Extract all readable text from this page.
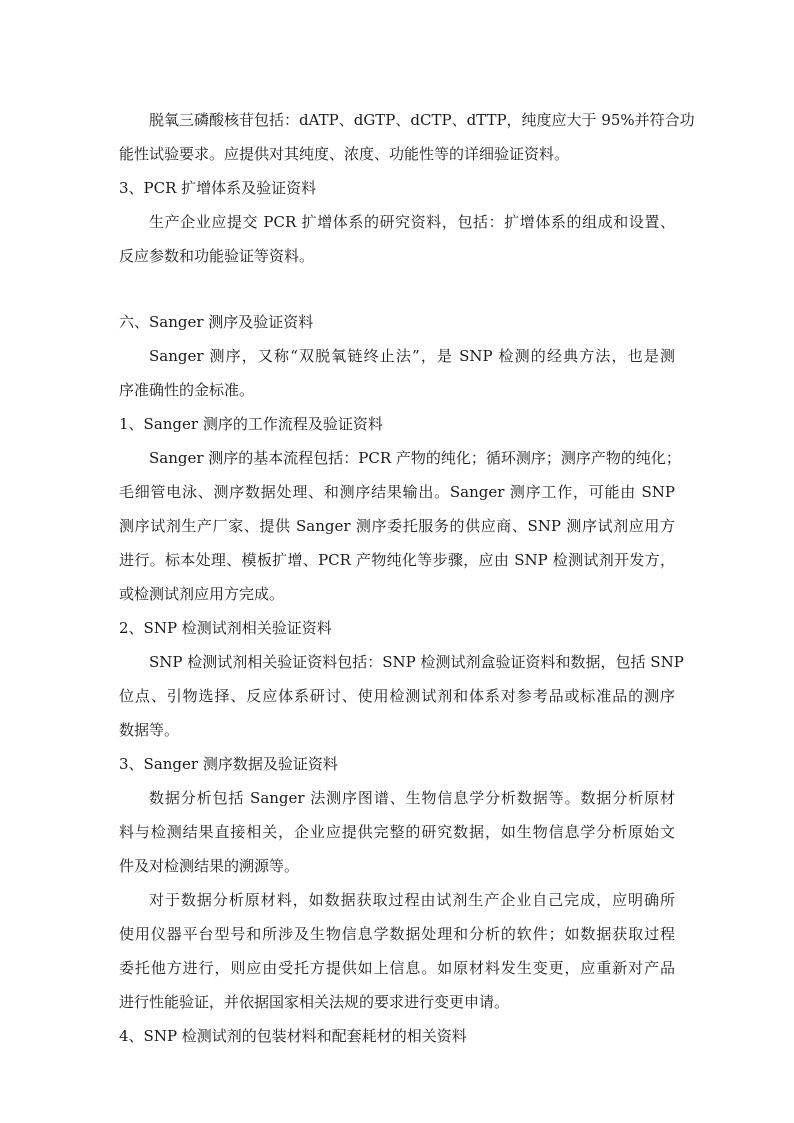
脱氧三磷酸核苷包括：dATP、dGTP、dCTP、dTTP，纯度应大于 95%并符合功
能性试验要求。应提供对其纯度、浓度、功能性等的详细验证资料。
3、PCR 扩增体系及验证资料
生产企业应提交 PCR 扩增体系的研究资料，包括：扩增体系的组成和设置、
反应参数和功能验证等资料。
六、Sanger 测序及验证资料
Sanger 测序，又称“双脱氧链终止法”，是 SNP 检测的经典方法，也是测
序准确性的金标准。
1、Sanger 测序的工作流程及验证资料
Sanger 测序的基本流程包括：PCR 产物的纯化；循环测序；测序产物的纯化；
毛细管电泳、测序数据处理、和测序结果输出。Sanger 测序工作，可能由 SNP
测序试剂生产厂家、提供 Sanger 测序委托服务的供应商、SNP 测序试剂应用方
进行。标本处理、模板扩增、PCR 产物纯化等步骤，应由 SNP 检测试剂开发方，
或检测试剂应用方完成。
2、SNP 检测试剂相关验证资料
SNP 检测试剂相关验证资料包括：SNP 检测试剂盒验证资料和数据，包括 SNP
位点、引物选择、反应体系研讨、使用检测试剂和体系对参考品或标准品的测序
数据等。
3、Sanger 测序数据及验证资料
数据分析包括 Sanger 法测序图谱、生物信息学分析数据等。数据分析原材
料与检测结果直接相关，企业应提供完整的研究数据，如生物信息学分析原始文
件及对检测结果的溯源等。
对于数据分析原材料，如数据获取过程由试剂生产企业自己完成，应明确所
使用仪器平台型号和所涉及生物信息学数据处理和分析的软件；如数据获取过程
委托他方进行，则应由受托方提供如上信息。如原材料发生变更，应重新对产品
进行性能验证，并依据国家相关法规的要求进行变更申请。
4、SNP 检测试剂的包装材料和配套耗材的相关资料
